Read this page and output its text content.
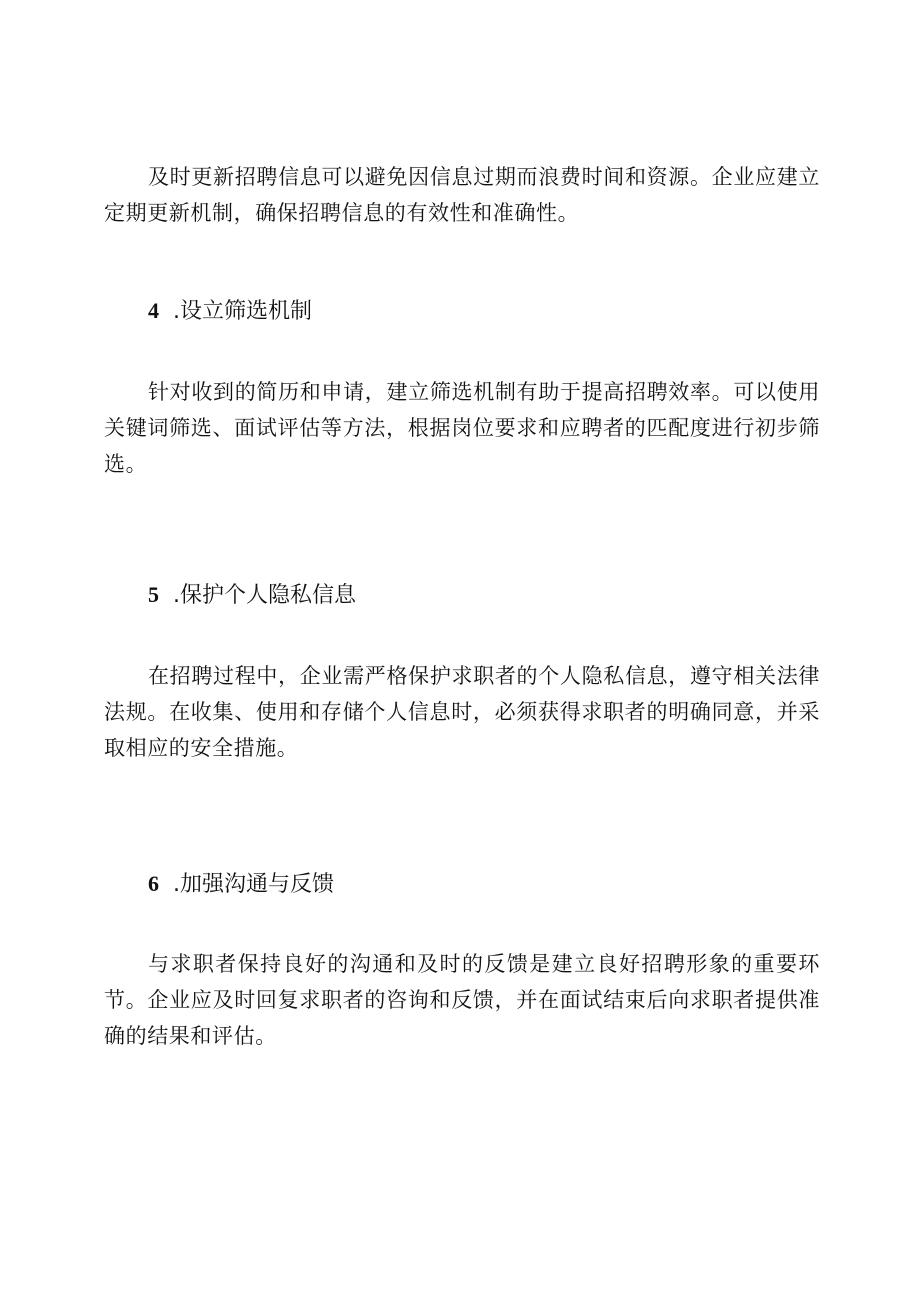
及时更新招聘信息可以避免因信息过期而浪费时间和资源。企业应建立定期更新机制，确保招聘信息的有效性和准确性。

4 .设立筛选机制

针对收到的简历和申请，建立筛选机制有助于提高招聘效率。可以使用关键词筛选、面试评估等方法，根据岗位要求和应聘者的匹配度进行初步筛选。

5 .保护个人隐私信息

在招聘过程中，企业需严格保护求职者的个人隐私信息，遵守相关法律法规。在收集、使用和存储个人信息时，必须获得求职者的明确同意，并采取相应的安全措施。

6 .加强沟通与反馈

与求职者保持良好的沟通和及时的反馈是建立良好招聘形象的重要环节。企业应及时回复求职者的咨询和反馈，并在面试结束后向求职者提供准确的结果和评估。
